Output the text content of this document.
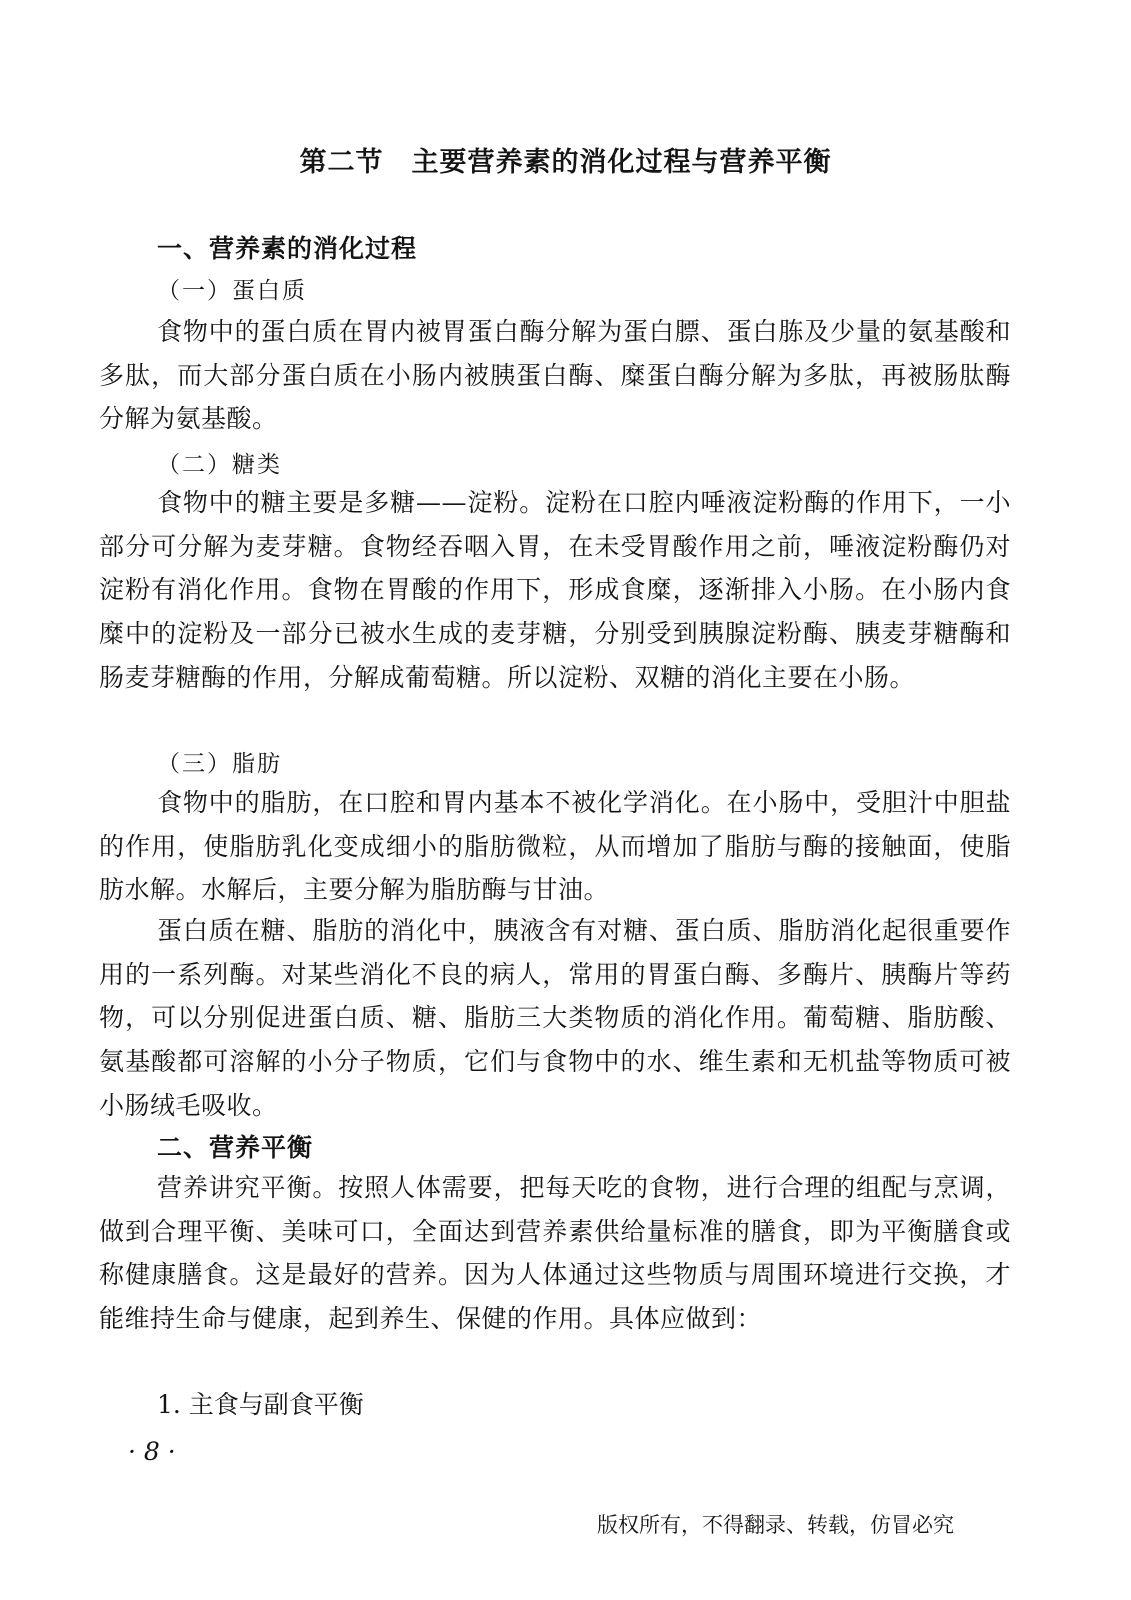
第二节　主要营养素的消化过程与营养平衡
一、营养素的消化过程
（一）蛋白质
食物中的蛋白质在胃内被胃蛋白酶分解为蛋白膘、蛋白胨及少量的氨基酸和多肽，而大部分蛋白质在小肠内被胰蛋白酶、糜蛋白酶分解为多肽，再被肠肽酶分解为氨基酸。
（二）糖类
食物中的糖主要是多糖——淀粉。淀粉在口腔内唾液淀粉酶的作用下，一小部分可分解为麦芽糖。食物经吞咽入胃，在未受胃酸作用之前，唾液淀粉酶仍对淀粉有消化作用。食物在胃酸的作用下，形成食糜，逐渐排入小肠。在小肠内食糜中的淀粉及一部分已被水生成的麦芽糖，分别受到胰腺淀粉酶、胰麦芽糖酶和肠麦芽糖酶的作用，分解成葡萄糖。所以淀粉、双糖的消化主要在小肠。
（三）脂肪
食物中的脂肪，在口腔和胃内基本不被化学消化。在小肠中，受胆汁中胆盐的作用，使脂肪乳化变成细小的脂肪微粒，从而增加了脂肪与酶的接触面，使脂肪水解。水解后，主要分解为脂肪酶与甘油。
蛋白质在糖、脂肪的消化中，胰液含有对糖、蛋白质、脂肪消化起很重要作用的一系列酶。对某些消化不良的病人，常用的胃蛋白酶、多酶片、胰酶片等药物，可以分别促进蛋白质、糖、脂肪三大类物质的消化作用。葡萄糖、脂肪酸、氨基酸都可溶解的小分子物质，它们与食物中的水、维生素和无机盐等物质可被小肠绒毛吸收。
二、营养平衡
营养讲究平衡。按照人体需要，把每天吃的食物，进行合理的组配与烹调，做到合理平衡、美味可口，全面达到营养素供给量标准的膳食，即为平衡膳食或称健康膳食。这是最好的营养。因为人体通过这些物质与周围环境进行交换，才能维持生命与健康，起到养生、保健的作用。具体应做到：
1. 主食与副食平衡
· 8 ·
版权所有，不得翻录、转载，仿冒必究
